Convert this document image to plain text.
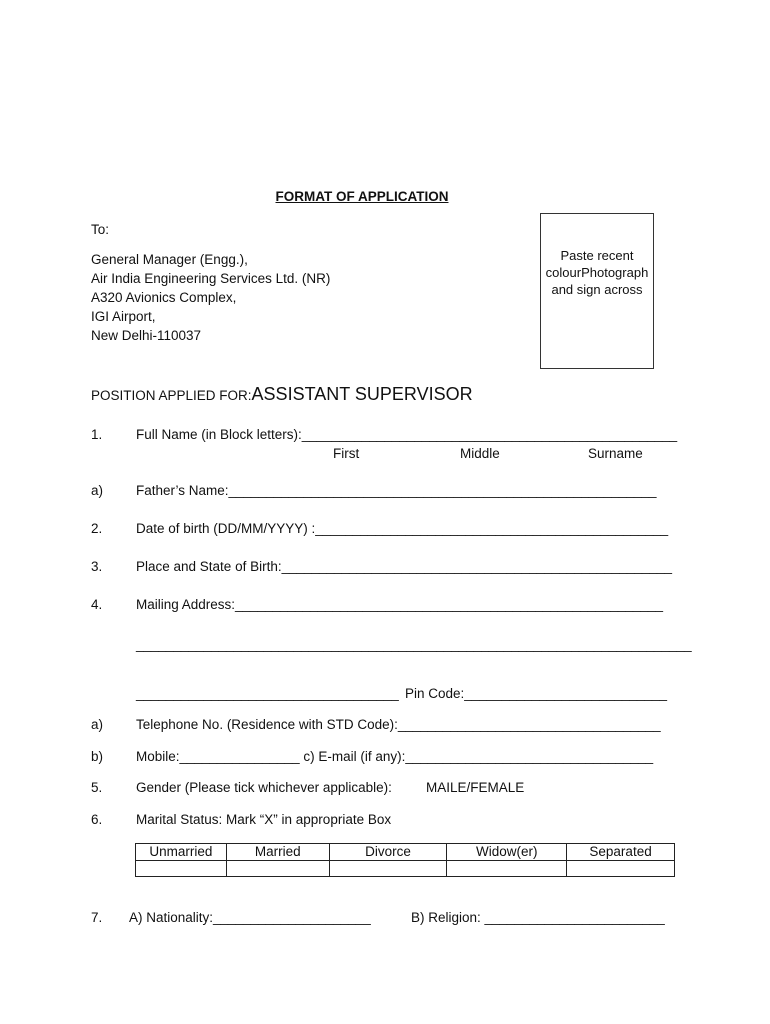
FORMAT OF APPLICATION
To:
General Manager (Engg.),
Air India Engineering Services Ltd. (NR)
A320 Avionics Complex,
IGI Airport,
New Delhi-110037
Paste recent colourPhotograph and sign across
POSITION APPLIED FOR:ASSISTANT SUPERVISOR
1. Full Name (in Block letters):__________________________________________________
First	Middle	Surname
a) Father’s Name:_________________________________________________________
2. Date of birth (DD/MM/YYYY) :_______________________________________________
3. Place and State of Birth:____________________________________________________
4. Mailing Address:_________________________________________________________
__________________________________________________________________________
___________________________________ Pin Code:___________________________
a) Telephone No. (Residence with STD Code):___________________________________
b) Mobile:________________ c) E-mail (if any):_________________________________
5. Gender (Please tick whichever applicable):	MAILE/FEMALE
6. Marital Status: Mark “X” in appropriate Box
Unmarried	Married	Divorce	Widow(er)	Separated

7. A) Nationality:_____________________	B) Religion: ________________________
